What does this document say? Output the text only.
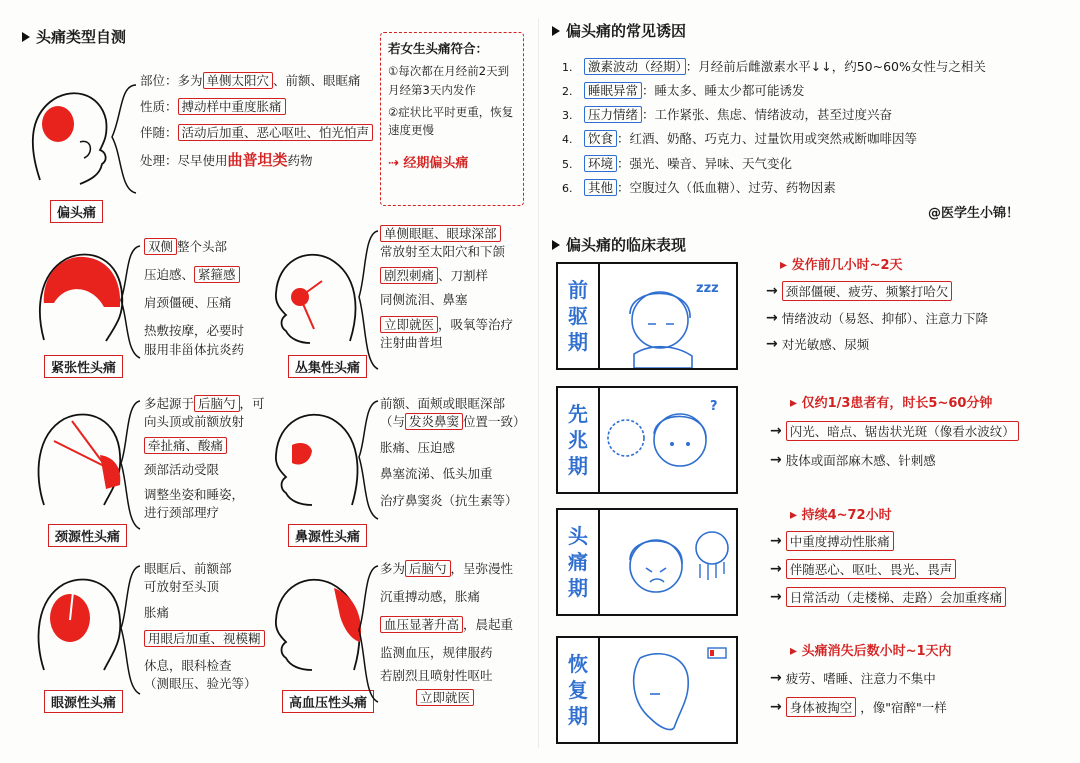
头痛类型自测
偏头痛
部位：多为 单侧太阳穴 、前额、眼眶痛
性质： 搏动样中重度胀痛
伴随： 活动后加重、恶心呕吐、怕光怕声
处理：尽早使用曲普坦类药物
若女生头痛符合：
①每次都在月经前2天到月经第3天内发作
②症状比平时更重，恢复速度更慢
⇢ 经期偏头痛
紧张性头痛
双侧 整个头部
压迫感、 紧箍感
肩颈僵硬、压痛
热敷按摩，必要时
服用非甾体抗炎药
丛集性头痛
单侧眼眶、眼球深部
常放射至太阳穴和下颌
剧烈刺痛 、刀割样
同侧流泪、鼻塞
立即就医 ，吸氧等治疗
注射曲普坦
颈源性头痛
多起源于 后脑勺 ，可
向头顶或前额放射
牵扯痛、酸痛
颈部活动受限
调整坐姿和睡姿，
进行颈部理疗
鼻源性头痛
前额、面颊或眼眶深部
（与 发炎鼻窦 位置一致）
胀痛、压迫感
鼻塞流涕、低头加重
治疗鼻窦炎（抗生素等）
眼源性头痛
眼眶后、前额部
可放射至头顶
胀痛
用眼后加重、视模糊
休息，眼科检查
（测眼压、验光等）
高血压性头痛
多为 后脑勺 ，呈弥漫性
沉重搏动感，胀痛
血压显著升高 ，晨起重
监测血压，规律服药
若剧烈且喷射性呕吐
立即就医
偏头痛的常见诱因
1. 激素波动（经期） ：月经前后雌激素水平↓↓，约50~60%女性与之相关
2. 睡眠异常 ：睡太多、睡太少都可能诱发
3. 压力情绪 ：工作紧张、焦虑、情绪波动，甚至过度兴奋
4. 饮食 ：红酒、奶酪、巧克力、过量饮用或突然戒断咖啡因等
5. 环境 ：强光、噪音、异味、天气变化
6. 其他 ：空腹过久（低血糖）、过劳、药物因素
@医学生小锦！
偏头痛的临床表现
前
驱
期
zzz
▸ 发作前几小时~2天
→ 颈部僵硬、疲劳、频繁打哈欠
→ 情绪波动（易怒、抑郁）、注意力下降
→ 对光敏感、尿频
先
兆
期
?	▸ 仅约1/3患者有，时长5~60分钟
→ 闪光、暗点、锯齿状光斑（像看水波纹）
→ 肢体或面部麻木感、针刺感
头
痛
期
▸ 持续4~72小时
→ 中重度搏动性胀痛
→ 伴随恶心、呕吐、畏光、畏声
→ 日常活动（走楼梯、走路）会加重疼痛
恢
复
期
▸ 头痛消失后数小时~1天内
→ 疲劳、嗜睡、注意力不集中
→ 身体被掏空 ，像"宿醉"一样
